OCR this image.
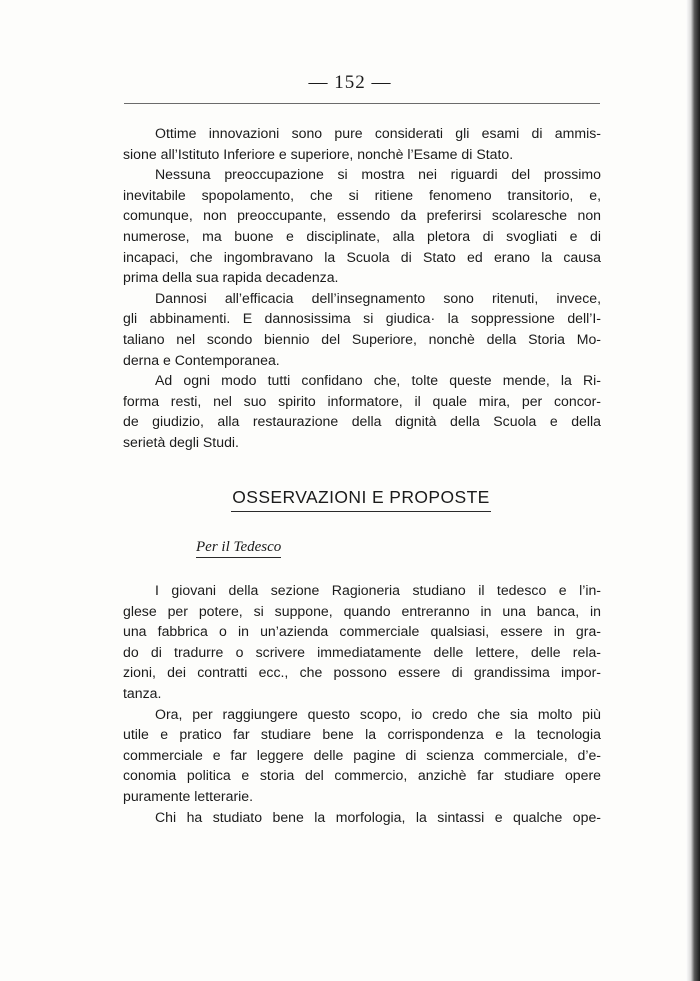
— 152 —
Ottime innovazioni sono pure considerati gli esami di ammis-
sione all’Istituto Inferiore e superiore, nonchè l’Esame di Stato.
Nessuna preoccupazione si mostra nei riguardi del prossimo
inevitabile spopolamento, che si ritiene fenomeno transitorio, e,
comunque, non preoccupante, essendo da preferirsi scolaresche non
numerose, ma buone e disciplinate, alla pletora di svogliati e di
incapaci, che ingombravano la Scuola di Stato ed erano la causa
prima della sua rapida decadenza.
Dannosi all’efficacia dell’insegnamento sono ritenuti, invece,
gli abbinamenti. E dannosissima si giudica· la soppressione dell’I-
taliano nel scondo biennio del Superiore, nonchè della Storia Mo-
derna e Contemporanea.
Ad ogni modo tutti confidano che, tolte queste mende, la Ri-
forma resti, nel suo spirito informatore, il quale mira, per concor-
de giudizio, alla restaurazione della dignità della Scuola e della
serietà degli Studi.
OSSERVAZIONI E PROPOSTE
Per il Tedesco
I giovani della sezione Ragioneria studiano il tedesco e l’in-
glese per potere, si suppone, quando entreranno in una banca, in
una fabbrica o in un’azienda commerciale qualsiasi, essere in gra-
do di tradurre o scrivere immediatamente delle lettere, delle rela-
zioni, dei contratti ecc., che possono essere di grandissima impor-
tanza.
Ora, per raggiungere questo scopo, io credo che sia molto più
utile e pratico far studiare bene la corrispondenza e la tecnologia
commerciale e far leggere delle pagine di scienza commerciale, d’e-
conomia politica e storia del commercio, anzichè far studiare opere
puramente letterarie.
Chi ha studiato bene la morfologia, la sintassi e qualche ope-
